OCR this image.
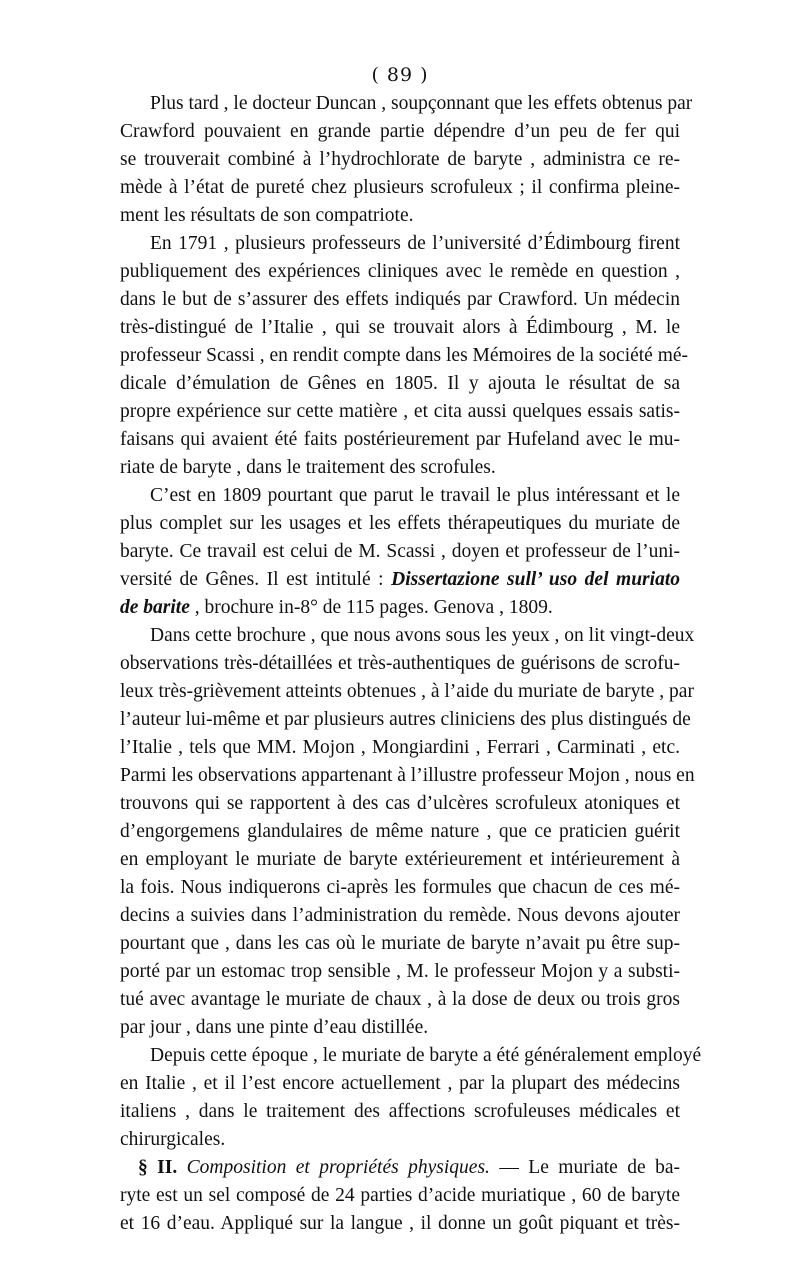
( 89 )
Plus tard , le docteur Duncan , soupçonnant que les effets obtenus par
Crawford pouvaient en grande partie dépendre d’un peu de fer qui
se trouverait combiné à l’hydrochlorate de baryte , administra ce re-
mède à l’état de pureté chez plusieurs scrofuleux ; il confirma pleine-
ment les résultats de son compatriote.
En 1791 , plusieurs professeurs de l’université d’Édimbourg firent
publiquement des expériences cliniques avec le remède en question ,
dans le but de s’assurer des effets indiqués par Crawford. Un médecin
très-distingué de l’Italie , qui se trouvait alors à Édimbourg , M. le
professeur Scassi , en rendit compte dans les Mémoires de la société mé-
dicale d’émulation de Gênes en 1805. Il y ajouta le résultat de sa
propre expérience sur cette matière , et cita aussi quelques essais satis-
faisans qui avaient été faits postérieurement par Hufeland avec le mu-
riate de baryte , dans le traitement des scrofules.
C’est en 1809 pourtant que parut le travail le plus intéressant et le
plus complet sur les usages et les effets thérapeutiques du muriate de
baryte. Ce travail est celui de M. Scassi , doyen et professeur de l’uni-
versité de Gênes. Il est intitulé : Dissertazione sull’ uso del muriato
de barite , brochure in-8° de 115 pages. Genova , 1809.
Dans cette brochure , que nous avons sous les yeux , on lit vingt-deux
observations très-détaillées et très-authentiques de guérisons de scrofu-
leux très-grièvement atteints obtenues , à l’aide du muriate de baryte , par
l’auteur lui-même et par plusieurs autres cliniciens des plus distingués de
l’Italie , tels que MM. Mojon , Mongiardini , Ferrari , Carminati , etc.
Parmi les observations appartenant à l’illustre professeur Mojon , nous en
trouvons qui se rapportent à des cas d’ulcères scrofuleux atoniques et
d’engorgemens glandulaires de même nature , que ce praticien guérit
en employant le muriate de baryte extérieurement et intérieurement à
la fois. Nous indiquerons ci-après les formules que chacun de ces mé-
decins a suivies dans l’administration du remède. Nous devons ajouter
pourtant que , dans les cas où le muriate de baryte n’avait pu être sup-
porté par un estomac trop sensible , M. le professeur Mojon y a substi-
tué avec avantage le muriate de chaux , à la dose de deux ou trois gros
par jour , dans une pinte d’eau distillée.
Depuis cette époque , le muriate de baryte a été généralement employé
en Italie , et il l’est encore actuellement , par la plupart des médecins
italiens , dans le traitement des affections scrofuleuses médicales et
chirurgicales.
§ II. Composition et propriétés physiques. — Le muriate de ba-
ryte est un sel composé de 24 parties d’acide muriatique , 60 de baryte
et 16 d’eau. Appliqué sur la langue , il donne un goût piquant et très-
